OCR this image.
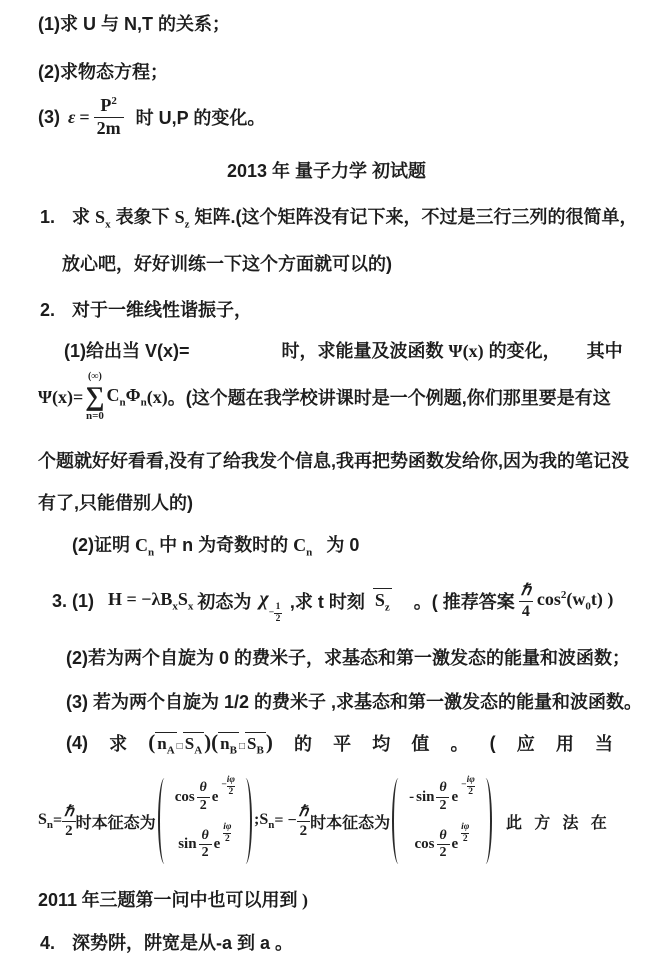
(1)求 U 与 N,T 的关系；
(2)求物态方程；
(3) $\varepsilon = \frac{P^2}{2m}$ 时 U,P 的变化。
2013 年 量子力学 初试题
1. 求 $S_x$ 表象下 $S_z$ 矩阵.(这个矩阵没有记下来，不过是三行三列的很简单，
放心吧，好好训练一下这个方面就可以的)
2. 对于一维线性谐振子，
(1)给出当 V(x)=	时，求能量及波函数 Ψ(x) 的变化， 其中
Ψ(x)=
(∞)
∑
n=0
$C_n$ $\Phi_n$ (x) 。 (这个题在我学校讲课时是一个例题,你们那里要是有这
个题就好好看看,没有了给我发个信息,我再把势函数发给你,因为我的笔记没
有了,只能借别人的)
(2)证明 $C_n$ 中 n 为奇数时的 $C_n$ 为 0
3. (1) $H = -\lambda B_xS_x$ 初态为 χ
− $\frac{1}{2}$
,求 t 时刻 $S_z$ 。( 推荐答案 $\frac{\text{ℏ}}{4} \cos^2(w_0t)$ )
(2)若为两个自旋为 0 的费米子，求基态和第一激发态的能量和波函数；
(3) 若为两个自旋为 1/2 的费米子 ,求基态和第一激发态的能量和波函数。
(4) 求 ( $n_A$ □ $S_A$)( $n_B$ □ $S_B$) 的 平 均 值 。 ( 应 用 当
$S_n = \frac{\text{ℏ}}{2}$ 时本征态为
$\cos \frac{\theta}{2}$ e
− $\frac{i\varphi}{2}$
$\sin \frac{\theta}{2}$ e
iφ
2
$;S_n$ = − $\frac{\text{ℏ}}{2}$ 时本征态为
- $\sin \frac{\theta}{2}$ e
− $\frac{i\varphi}{2}$
$\cos \frac{\theta}{2}$ e
iφ
2
此 方 法 在
2011 年三题第一问中也可以用到 )
4. 深势阱，阱宽是从-a 到 a 。
